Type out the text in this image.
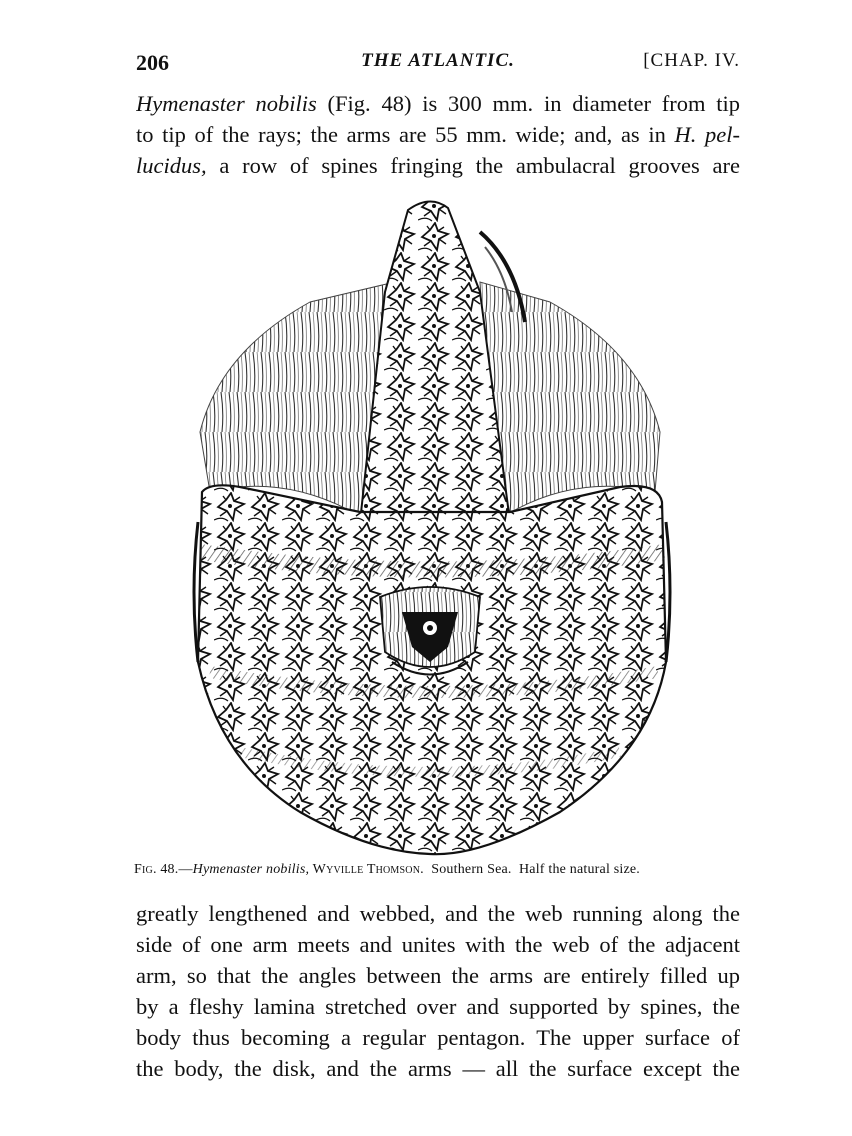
206	THE ATLANTIC.	[CHAP. IV.
Hymenaster nobilis (Fig. 48) is 300 mm. in diameter from tip
to tip of the rays; the arms are 55 mm. wide; and, as in H. pel-
lucidus, a row of spines fringing the ambulacral grooves are
Fig. 48.—Hymenaster nobilis, Wyville Thomson.  Southern Sea.  Half the natural size.
greatly lengthened and webbed, and the web running along the
side of one arm meets and unites with the web of the adjacent
arm, so that the angles between the arms are entirely filled up
by a fleshy lamina stretched over and supported by spines, the
body thus becoming a regular pentagon. The upper surface of
the body, the disk, and the arms — all the surface except the
